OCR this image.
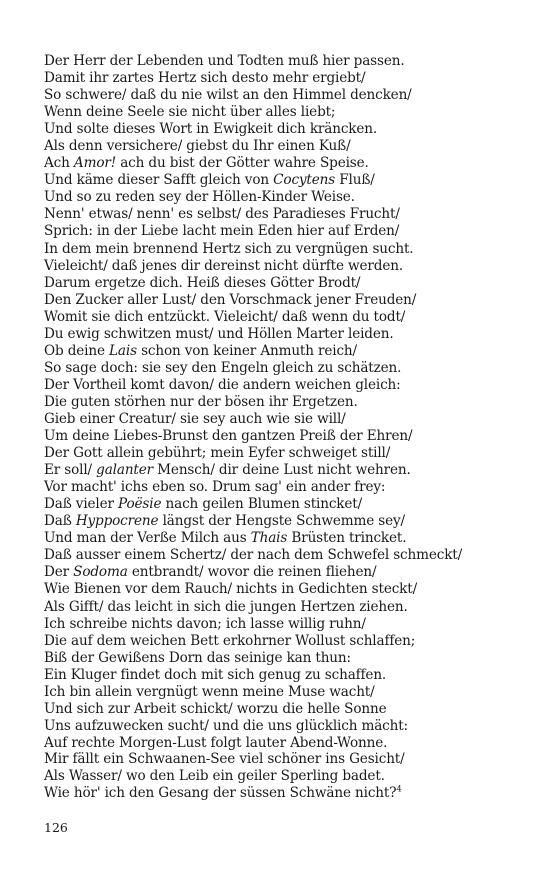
Der Herr der Lebenden und Todten muß hier passen.
Damit ihr zartes Hertz sich desto mehr ergiebt/
So schwere/ daß du nie wilst an den Himmel dencken/
Wenn deine Seele sie nicht über alles liebt;
Und solte dieses Wort in Ewigkeit dich kräncken.
Als denn versichere/ giebst du Ihr einen Kuß/
Ach Amor! ach du bist der Götter wahre Speise.
Und käme dieser Safft gleich von Cocytens Fluß/
Und so zu reden sey der Höllen-Kinder Weise.
Nenn' etwas/ nenn' es selbst/ des Paradieses Frucht/
Sprich: in der Liebe lacht mein Eden hier auf Erden/
In dem mein brennend Hertz sich zu vergnügen sucht.
Vieleicht/ daß jenes dir dereinst nicht dürfte werden.
Darum ergetze dich. Heiß dieses Götter Brodt/
Den Zucker aller Lust/ den Vorschmack jener Freuden/
Womit sie dich entzückt. Vieleicht/ daß wenn du todt/
Du ewig schwitzen must/ und Höllen Marter leiden.
Ob deine Lais schon von keiner Anmuth reich/
So sage doch: sie sey den Engeln gleich zu schätzen.
Der Vortheil komt davon/ die andern weichen gleich:
Die guten störhen nur der bösen ihr Ergetzen.
Gieb einer Creatur/ sie sey auch wie sie will/
Um deine Liebes-Brunst den gantzen Preiß der Ehren/
Der Gott allein gebührt; mein Eyfer schweiget still/
Er soll/ galanter Mensch/ dir deine Lust nicht wehren.
Vor macht' ichs eben so. Drum sag' ein ander frey:
Daß vieler Poësie nach geilen Blumen stincket/
Daß Hyppocrene längst der Hengste Schwemme sey/
Und man der Verße Milch aus Thais Brüsten trincket.
Daß ausser einem Schertz/ der nach dem Schwefel schmeckt/
Der Sodoma entbrandt/ wovor die reinen fliehen/
Wie Bienen vor dem Rauch/ nichts in Gedichten steckt/
Als Gifft/ das leicht in sich die jungen Hertzen ziehen.
Ich schreibe nichts davon; ich lasse willig ruhn/
Die auf dem weichen Bett erkohrner Wollust schlaffen;
Biß der Gewißens Dorn das seinige kan thun:
Ein Kluger findet doch mit sich genug zu schaffen.
Ich bin allein vergnügt wenn meine Muse wacht/
Und sich zur Arbeit schickt/ worzu die helle Sonne
Uns aufzuwecken sucht/ und die uns glücklich mächt:
Auf rechte Morgen-Lust folgt lauter Abend-Wonne.
Mir fällt ein Schwaanen-See viel schöner ins Gesicht/
Als Wasser/ wo den Leib ein geiler Sperling badet.
Wie hör' ich den Gesang der süssen Schwäne nicht?$^4$
126
